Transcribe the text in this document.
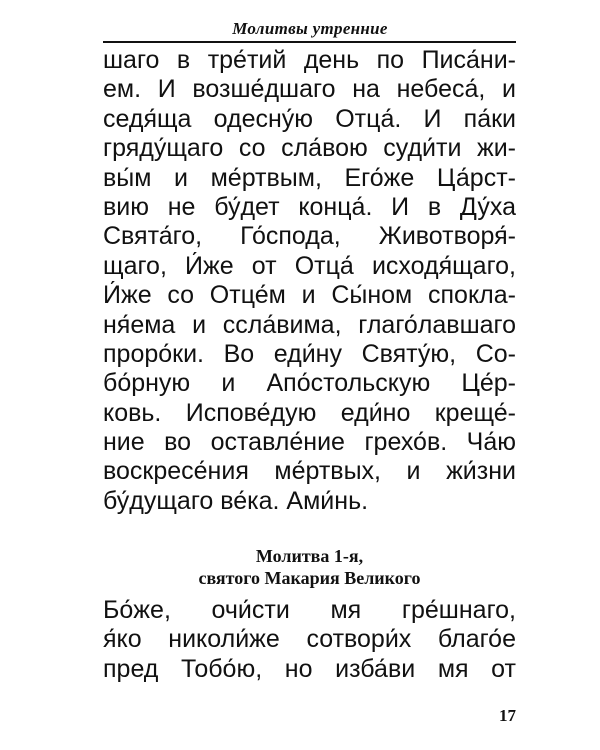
Молитвы утренние
шаго в тре́тий день по Писа́ни-
ем. И возше́дшаго на небеса́, и
седя́ща одесну́ю Отца́. И па́ки
гряду́щаго со сла́вою суди́ти жи-
вы́м и ме́ртвым, Его́же Ца́рст-
вию не бу́дет конца́. И в Ду́ха
Свята́го, Го́спода, Животворя́-
щаго, И́же от Отца́ исходя́щаго,
И́же со Отце́м и Сы́ном спокла-
ня́ема и ссла́вима, глаго́лавшаго
проро́ки. Во еди́ну Святу́ю, Со-
бо́рную и Апо́стольскую Це́р-
ковь. Испове́дую еди́но креще́-
ние во оставле́ние грехо́в. Ча́ю
воскресе́ния ме́ртвых, и жи́зни
бу́дущаго ве́ка. Ами́нь.
Молитва 1-я,
святого Макария Великого
Бо́же, очи́сти мя гре́шнаго,
я́ко николи́же сотвори́х благо́е
пред Тобо́ю, но изба́ви мя от
17
